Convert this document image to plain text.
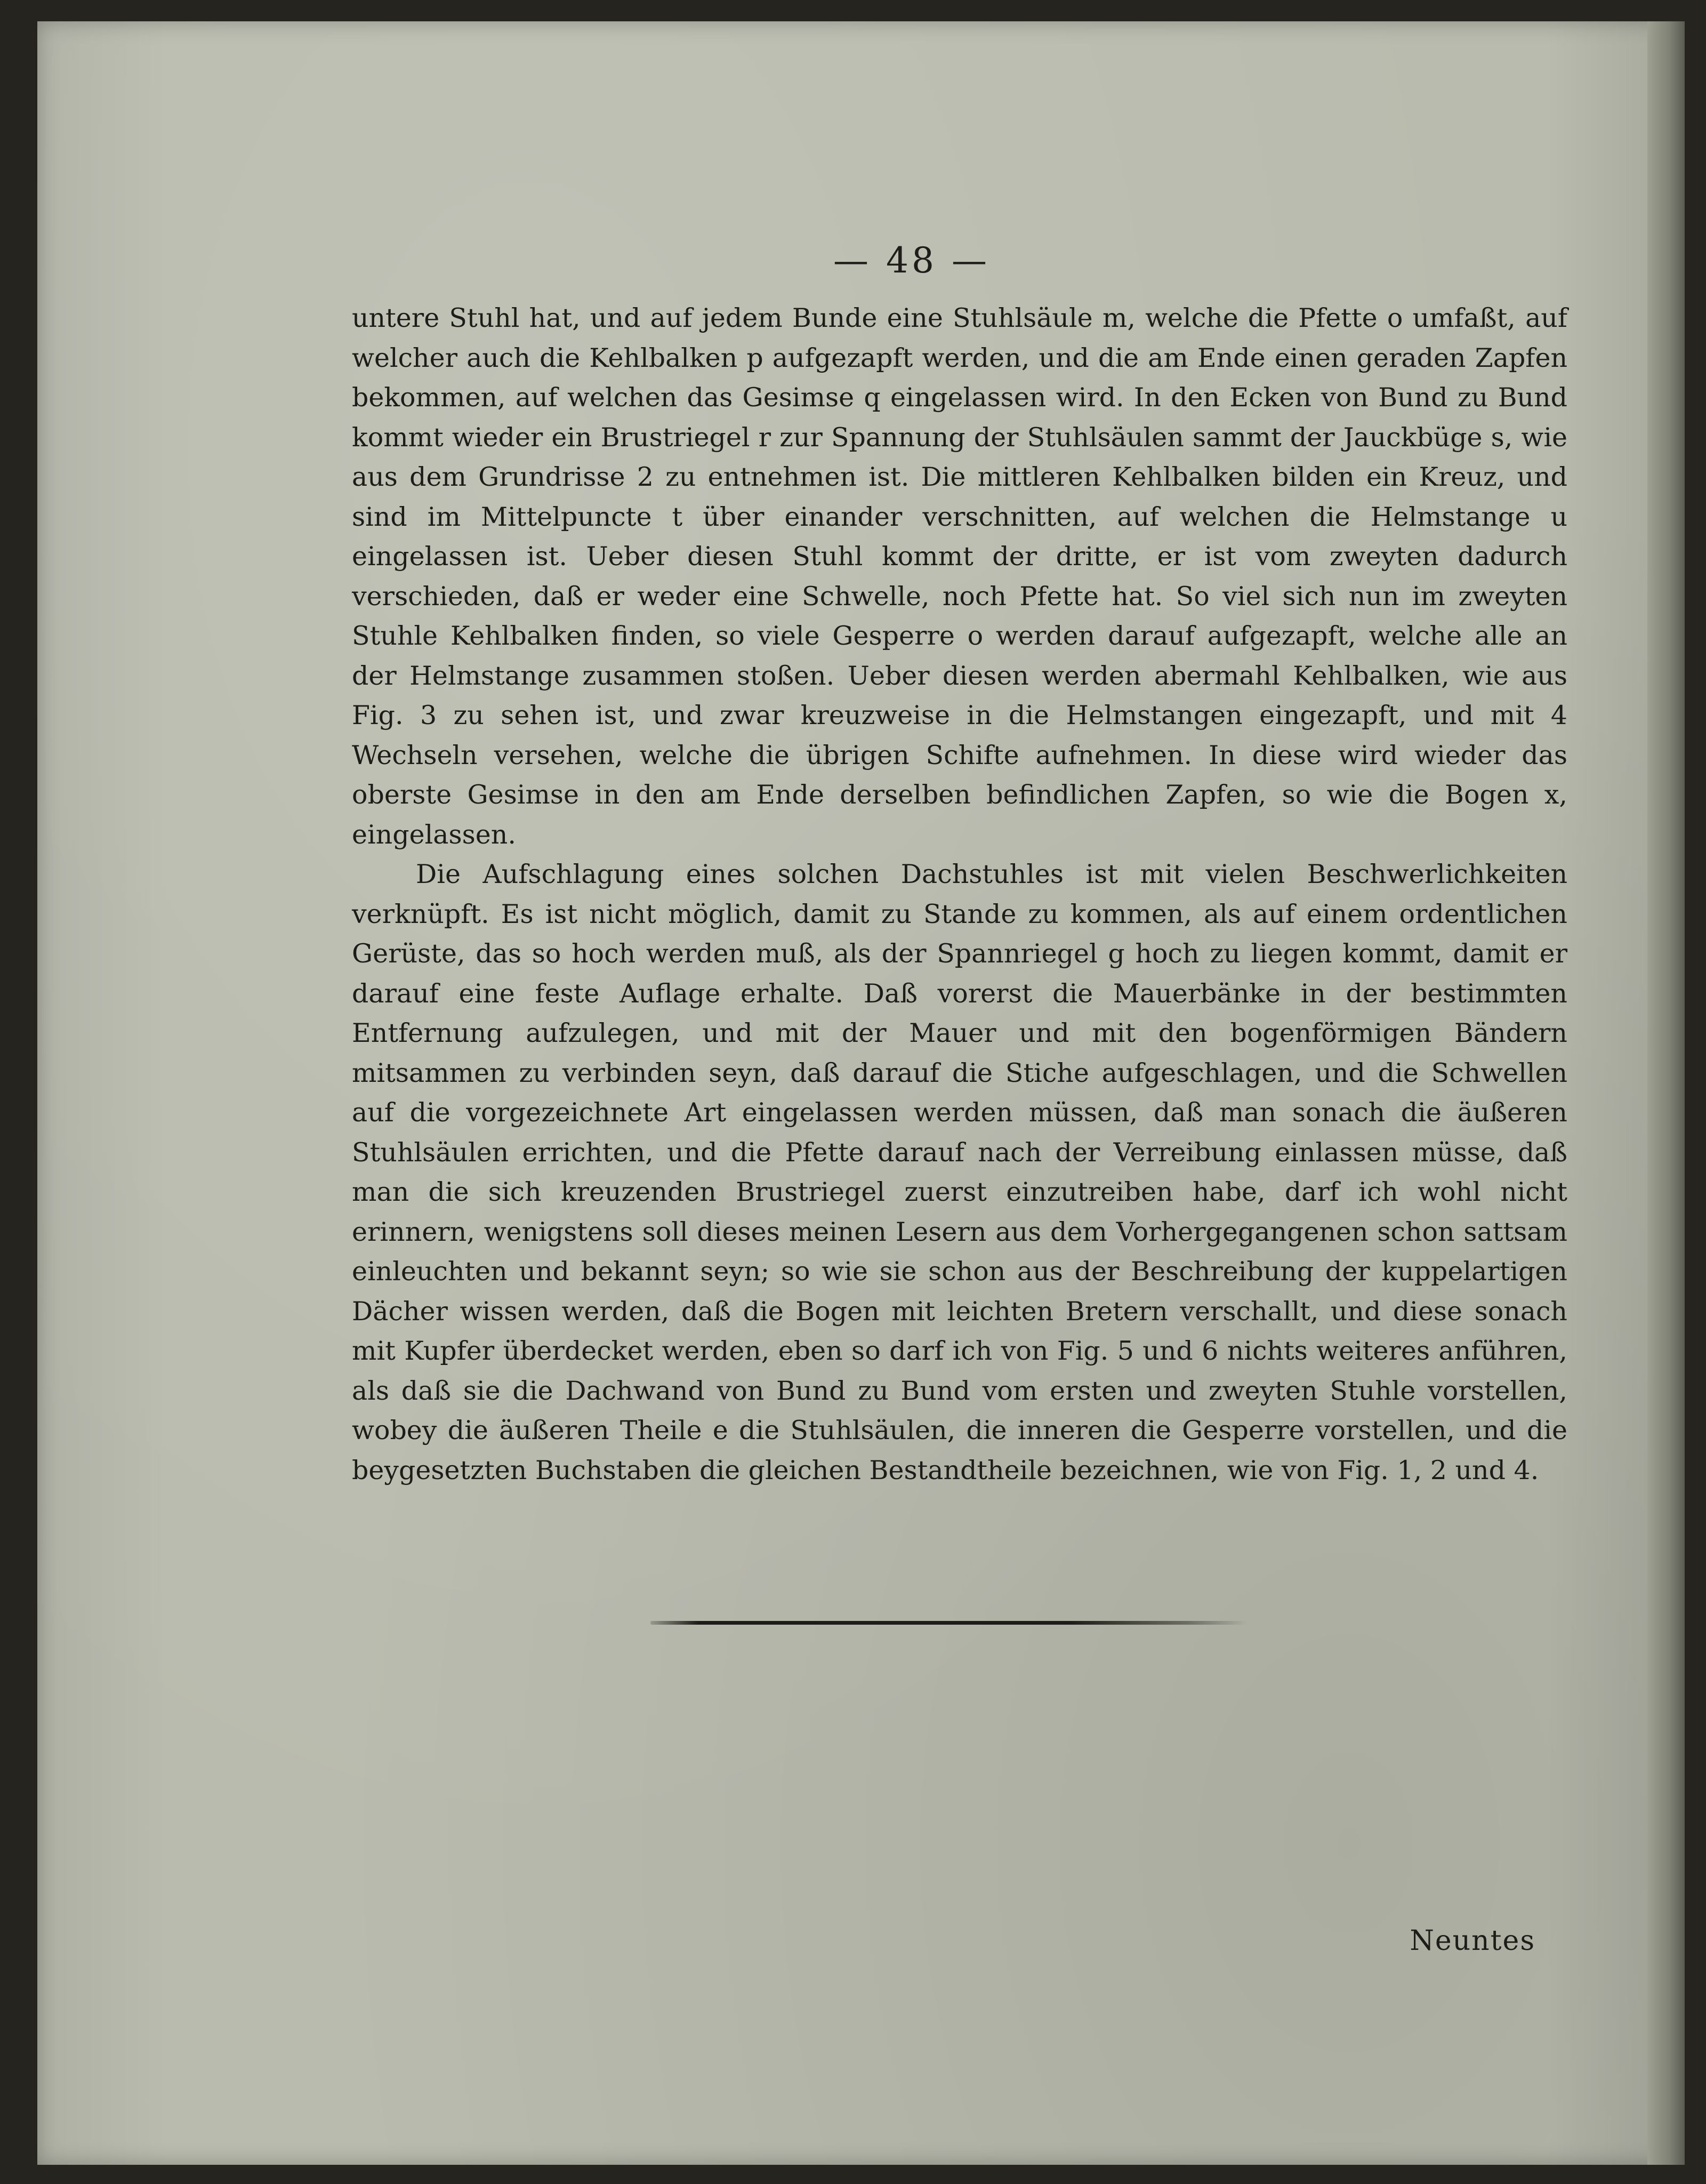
— 48 —

untere Stuhl hat, und auf jedem Bunde eine Stuhlsäule m, welche die Pfette o umfaßt, auf welcher auch die Kehlbalken p aufgezapft werden, und die am Ende einen geraden Zapfen bekommen, auf welchen das Gesimse q eingelassen wird. In den Ecken von Bund zu Bund kommt wieder ein Brustriegel r zur Spannung der Stuhlsäulen sammt der Jauckbüge s, wie aus dem Grundrisse 2 zu entnehmen ist. Die mittleren Kehlbalken bilden ein Kreuz, und sind im Mittelpuncte t über einander verschnitten, auf welchen die Helmstange u eingelassen ist. Ueber diesen Stuhl kommt der dritte, er ist vom zweyten dadurch verschieden, daß er weder eine Schwelle, noch Pfette hat. So viel sich nun im zweyten Stuhle Kehlbalken finden, so viele Gesperre o werden darauf aufgezapft, welche alle an der Helmstange zusammen stoßen. Ueber diesen werden abermahl Kehlbalken, wie aus Fig. 3 zu sehen ist, und zwar kreuzweise in die Helmstangen eingezapft, und mit 4 Wechseln versehen, welche die übrigen Schifte aufnehmen. In diese wird wieder das oberste Gesimse in den am Ende derselben befindlichen Zapfen, so wie die Bogen x, eingelassen.

Die Aufschlagung eines solchen Dachstuhles ist mit vielen Beschwerlichkeiten verknüpft. Es ist nicht möglich, damit zu Stande zu kommen, als auf einem ordentlichen Gerüste, das so hoch werden muß, als der Spannriegel g hoch zu liegen kommt, damit er darauf eine feste Auflage erhalte. Daß vorerst die Mauerbänke in der bestimmten Entfernung aufzulegen, und mit der Mauer und mit den bogenförmigen Bändern mitsammen zu verbinden seyn, daß darauf die Stiche aufgeschlagen, und die Schwellen auf die vorgezeichnete Art eingelassen werden müssen, daß man sonach die äußeren Stuhlsäulen errichten, und die Pfette darauf nach der Verreibung einlassen müsse, daß man die sich kreuzenden Brustriegel zuerst einzutreiben habe, darf ich wohl nicht erinnern, wenigstens soll dieses meinen Lesern aus dem Vorhergegangenen schon sattsam einleuchten und bekannt seyn; so wie sie schon aus der Beschreibung der kuppelartigen Dächer wissen werden, daß die Bogen mit leichten Bretern verschallt, und diese sonach mit Kupfer überdecket werden, eben so darf ich von Fig. 5 und 6 nichts weiteres anführen, als daß sie die Dachwand von Bund zu Bund vom ersten und zweyten Stuhle vorstellen, wobey die äußeren Theile e die Stuhlsäulen, die inneren die Gesperre vorstellen, und die beygesetzten Buchstaben die gleichen Bestandtheile bezeichnen, wie von Fig. 1, 2 und 4.

Neuntes
